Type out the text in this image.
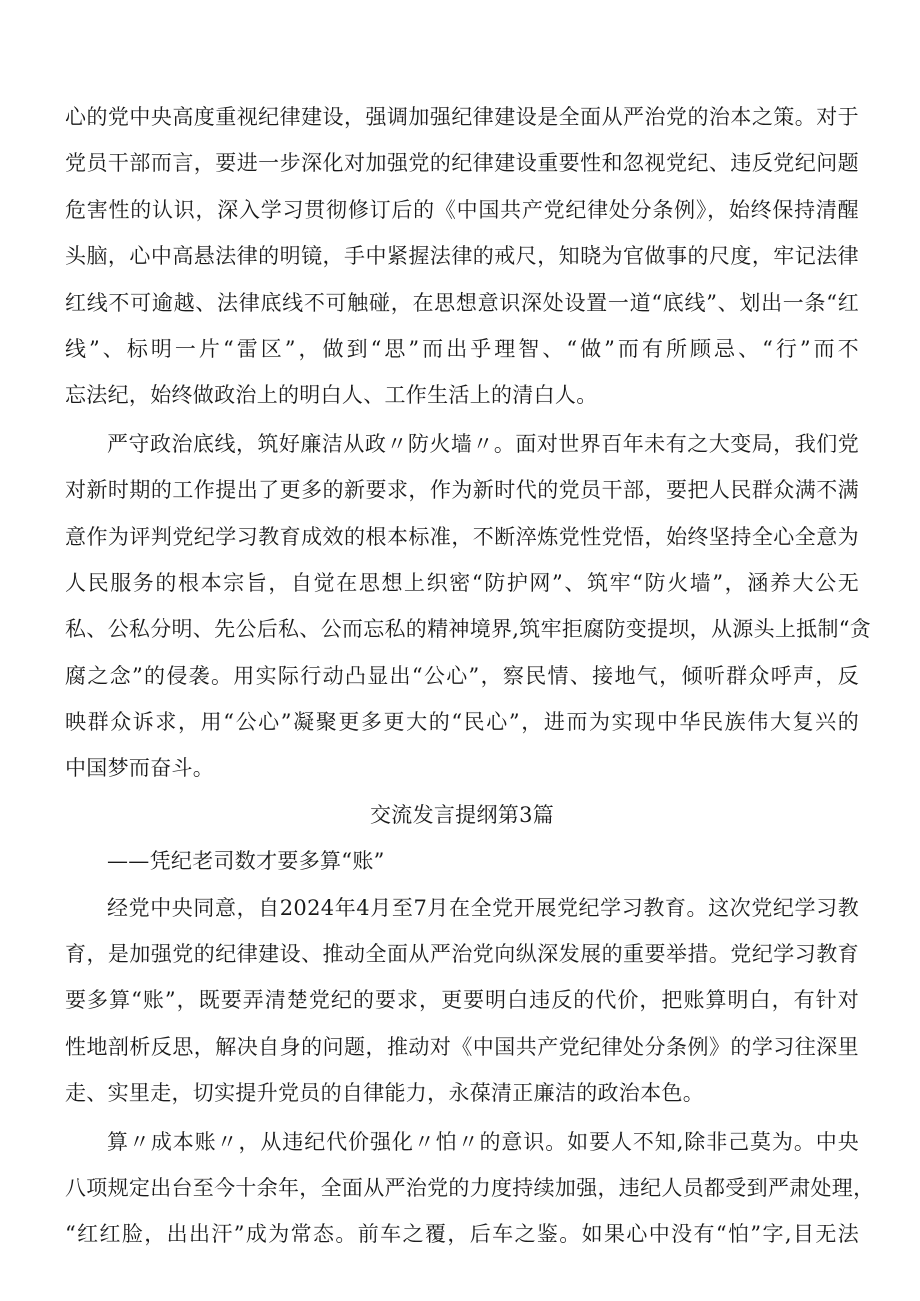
心的党中央高度重视纪律建设，强调加强纪律建设是全面从严治党的治本之策。对于
党员干部而言，要进一步深化对加强党的纪律建设重要性和忽视党纪、违反党纪问题
危害性的认识，深入学习贯彻修订后的《中国共产党纪律处分条例》，始终保持清醒
头脑，心中高悬法律的明镜，手中紧握法律的戒尺，知晓为官做事的尺度，牢记法律
红线不可逾越、法律底线不可触碰，在思想意识深处设置一道“底线”、划出一条“红
线”、标明一片“雷区”，做到“思”而出乎理智、“做”而有所顾忌、“行”而不
忘法纪，始终做政治上的明白人、工作生活上的清白人。
严守政治底线，筑好廉洁从政〃防火墙〃。面对世界百年未有之大变局，我们党
对新时期的工作提出了更多的新要求，作为新时代的党员干部，要把人民群众满不满
意作为评判党纪学习教育成效的根本标准，不断淬炼党性党悟，始终坚持全心全意为
人民服务的根本宗旨，自觉在思想上织密“防护网”、筑牢“防火墙”，涵养大公无
私、公私分明、先公后私、公而忘私的精神境界,筑牢拒腐防变提坝，从源头上抵制“贪
腐之念”的侵袭。用实际行动凸显出“公心”，察民情、接地气，倾听群众呼声，反
映群众诉求，用“公心”凝聚更多更大的“民心”，进而为实现中华民族伟大复兴的
中国梦而奋斗。
交流发言提纲第3篇
——凭纪老司数才要多算“账”
经党中央同意，自2024年4月至7月在全党开展党纪学习教育。这次党纪学习教
育，是加强党的纪律建设、推动全面从严治党向纵深发展的重要举措。党纪学习教育
要多算“账”，既要弄清楚党纪的要求，更要明白违反的代价，把账算明白，有针对
性地剖析反思，解决自身的问题，推动对《中国共产党纪律处分条例》的学习往深里
走、实里走，切实提升党员的自律能力，永葆清正廉洁的政治本色。
算〃成本账〃，从违纪代价强化〃怕〃的意识。如要人不知,除非己莫为。中央
八项规定出台至今十余年，全面从严治党的力度持续加强，违纪人员都受到严肃处理，
“红红脸，出出汗”成为常态。前车之覆，后车之鉴。如果心中没有“怕”字,目无法
